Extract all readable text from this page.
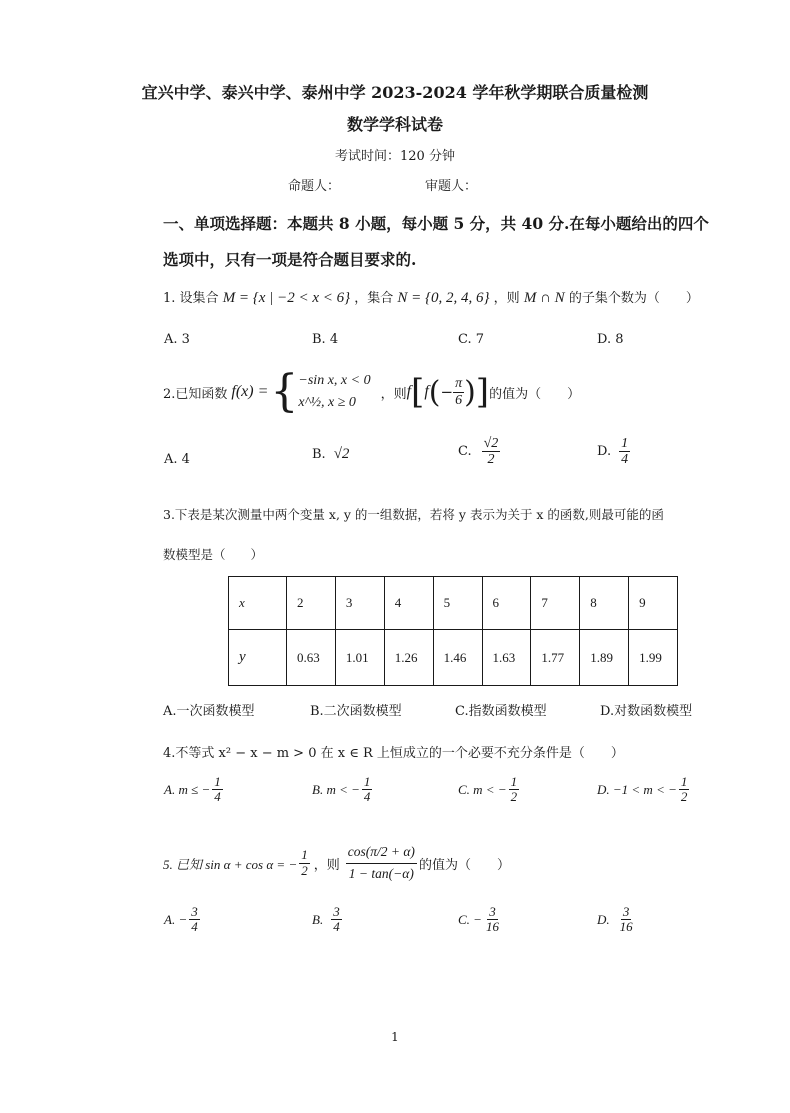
宜兴中学、泰兴中学、泰州中学 2023-2024 学年秋学期联合质量检测
数学学科试卷
考试时间：120 分钟
命题人：	审题人：
一、单项选择题：本题共 8 小题，每小题 5 分，共 40 分.在每小题给出的四个
选项中，只有一项是符合题目要求的.
1. 设集合 M = {x | −2 < x < 6} ，集合 N = {0, 2, 4, 6} ，则 M ∩ N 的子集个数为（　　）
A. 3	B. 4	C. 7	D. 8
2.已知函数 f(x) = { −sin x, x < 0
x^½, x ≥ 0
，则 f [ f ( − $\frac{\pi}{6}$ ) ] 的值为（　　）
A. 4	B. √2	C. $\frac{√2}{2}$	D. $\frac{1}{4}$
3.下表是某次测量中两个变量 x, y 的一组数据，若将 y 表示为关于 x 的函数,则最可能的函
数模型是（　　）
x	2	3	4	5	6	7	8	9
y	0.63	1.01	1.26	1.46	1.63	1.77	1.89	1.99
A.一次函数模型	B.二次函数模型	C.指数函数模型	D.对数函数模型
4.不等式 x² − x − m > 0 在 x ∈ R 上恒成立的一个必要不充分条件是（　　）
A. m ≤ − $\frac{1}{4}$	B. m < − $\frac{1}{4}$	C. m < − $\frac{1}{2}$	D. −1 < m < − $\frac{1}{2}$
5. 已知 sin α + cos α = − $\frac{1}{2}$ ，则 $\frac{\cos(\pi/2 + \alpha)}{1 - \tan(-\alpha)}$ 的值为（　　）
A. − $\frac{3}{4}$	B. $\frac{3}{4}$	C. − $\frac{3}{16}$	D. $\frac{3}{16}$
1
